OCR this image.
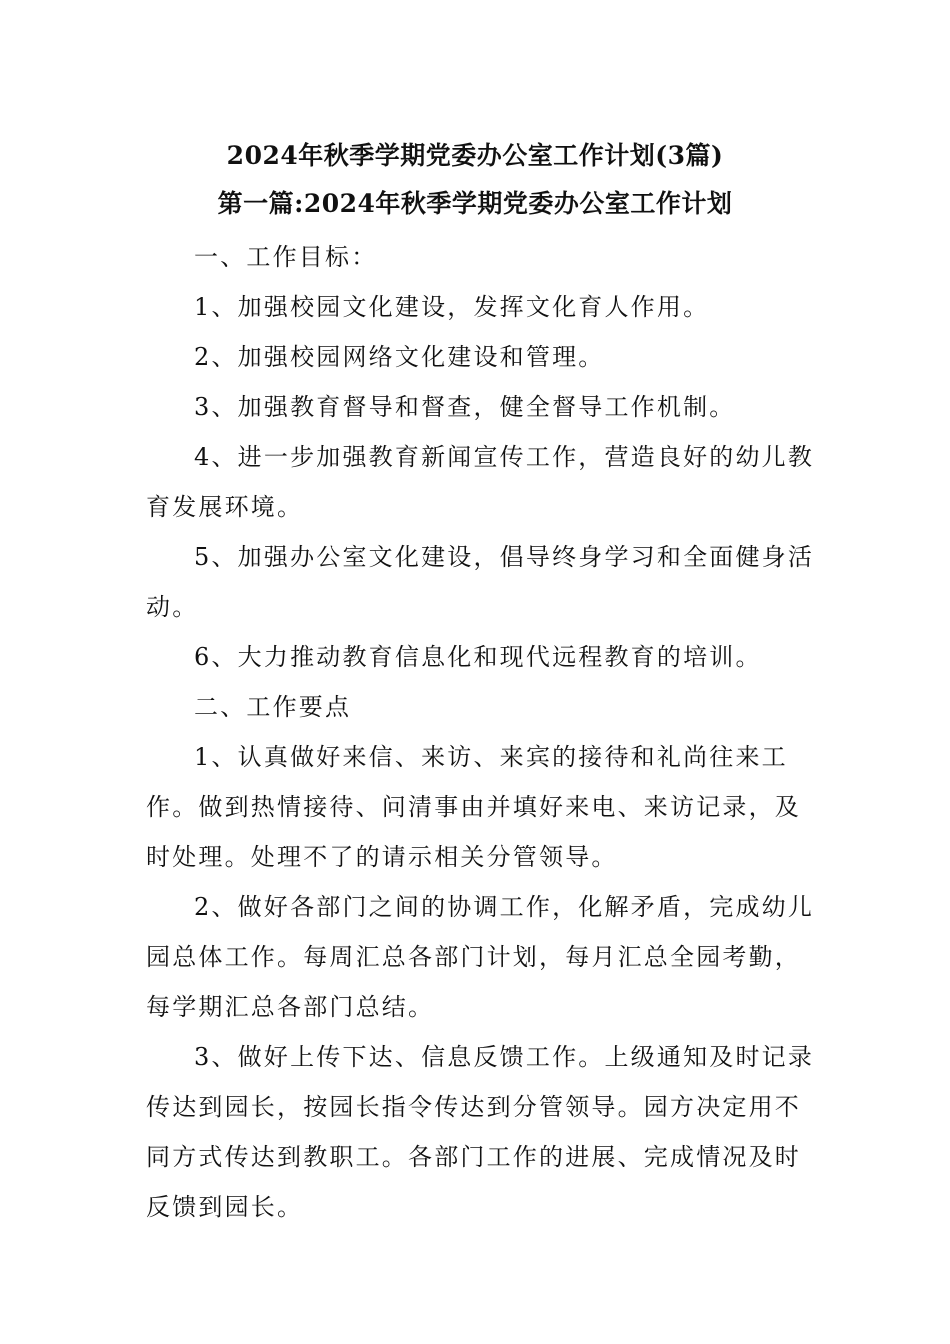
2024年秋季学期党委办公室工作计划(3篇)
第一篇:2024年秋季学期党委办公室工作计划

一、工作目标：

1、加强校园文化建设，发挥文化育人作用。

2、加强校园网络文化建设和管理。

3、加强教育督导和督查，健全督导工作机制。

4、进一步加强教育新闻宣传工作，营造良好的幼儿教育发展环境。

5、加强办公室文化建设，倡导终身学习和全面健身活动。

6、大力推动教育信息化和现代远程教育的培训。

二、工作要点

1、认真做好来信、来访、来宾的接待和礼尚往来工作。做到热情接待、问清事由并填好来电、来访记录，及时处理。处理不了的请示相关分管领导。

2、做好各部门之间的协调工作，化解矛盾，完成幼儿园总体工作。每周汇总各部门计划，每月汇总全园考勤，每学期汇总各部门总结。

3、做好上传下达、信息反馈工作。上级通知及时记录传达到园长，按园长指令传达到分管领导。园方决定用不同方式传达到教职工。各部门工作的进展、完成情况及时反馈到园长。
